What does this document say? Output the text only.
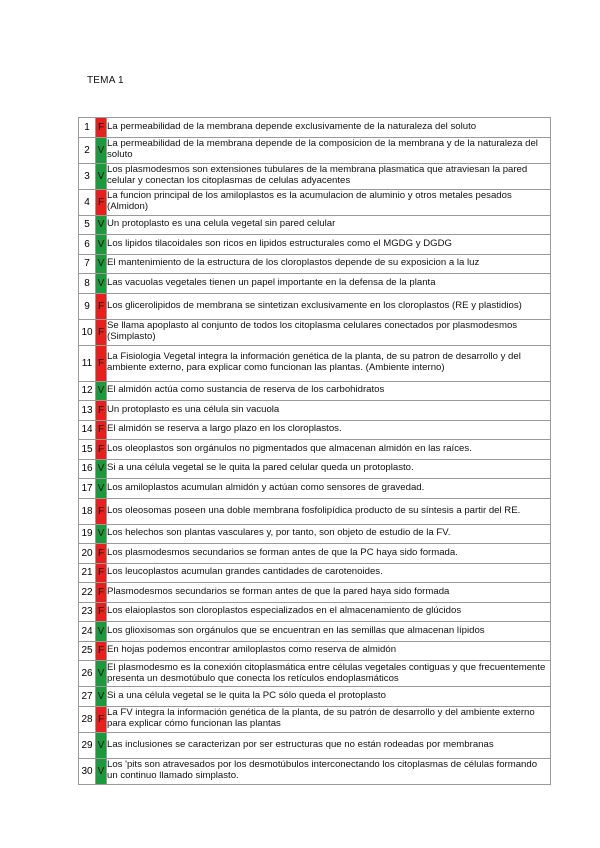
TEMA 1
1	F	La permeabilidad de la membrana depende exclusivamente de la naturaleza del soluto
2	V	La permeabilidad de la membrana depende de la composicion de la membrana y de la naturaleza del soluto
3	V	Los plasmodesmos son extensiones tubulares de la membrana plasmatica que atraviesan la pared celular y conectan los citoplasmas de celulas adyacentes
4	F	La funcion principal de los amiloplastos es la acumulacion de aluminio y otros metales pesados (Almidon)
5	V	Un protoplasto es una celula vegetal sin pared celular
6	V	Los lipidos tilacoidales son ricos en lipidos estructurales como el MGDG y DGDG
7	V	El mantenimiento de la estructura de los cloroplastos depende de su exposicion a la luz
8	V	Las vacuolas vegetales tienen un papel importante en la defensa de la planta
9	F	Los glicerolipidos de membrana se sintetizan exclusivamente en los cloroplastos (RE y plastidios)
10	F	Se llama apoplasto al conjunto de todos los citoplasma celulares conectados por plasmodesmos (Simplasto)
11	F	La Fisiologia Vegetal integra la información genética de la planta, de su patron de desarrollo y del ambiente externo, para explicar como funcionan las plantas. (Ambiente interno)
12	V	El almidón actúa como sustancia de reserva de los carbohidratos
13	F	Un protoplasto es una célula sin vacuola
14	F	El almidón se reserva a largo plazo en los cloroplastos.
15	F	Los oleoplastos son orgánulos no pigmentados que almacenan almidón en las raíces.
16	V	Si a una célula vegetal se le quita la pared celular queda un protoplasto.
17	V	Los amiloplastos acumulan almidón y actúan como sensores de gravedad.
18	F	Los oleosomas poseen una doble membrana fosfolipídica producto de su síntesis a partir del RE.
19	V	Los helechos son plantas vasculares y, por tanto, son objeto de estudio de la FV.
20	F	Los plasmodesmos secundarios se forman antes de que la PC haya sido formada.
21	F	Los leucoplastos acumulan grandes cantidades de carotenoides.
22	F	Plasmodesmos secundarios se forman antes de que la pared haya sido formada
23	F	Los elaioplastos son cloroplastos especializados en el almacenamiento de glúcidos
24	V	Los glioxisomas son orgánulos que se encuentran en las semillas que almacenan lípidos
25	F	En hojas podemos encontrar amiloplastos como reserva de almidón
26	V	El plasmodesmo es la conexión citoplasmática entre células vegetales contiguas y que frecuentemente presenta un desmotúbulo que conecta los retículos endoplasmáticos
27	V	Si a una célula vegetal se le quita la PC sólo queda el protoplasto
28	F	La FV integra la información genética de la planta, de su patrón de desarrollo y del ambiente externo para explicar cómo funcionan las plantas
29	V	Las inclusiones se caracterizan por ser estructuras que no están rodeadas por membranas
30	V	Los 'pits son atravesados por los desmotúbulos interconectando los citoplasmas de células formando un continuo llamado simplasto.
